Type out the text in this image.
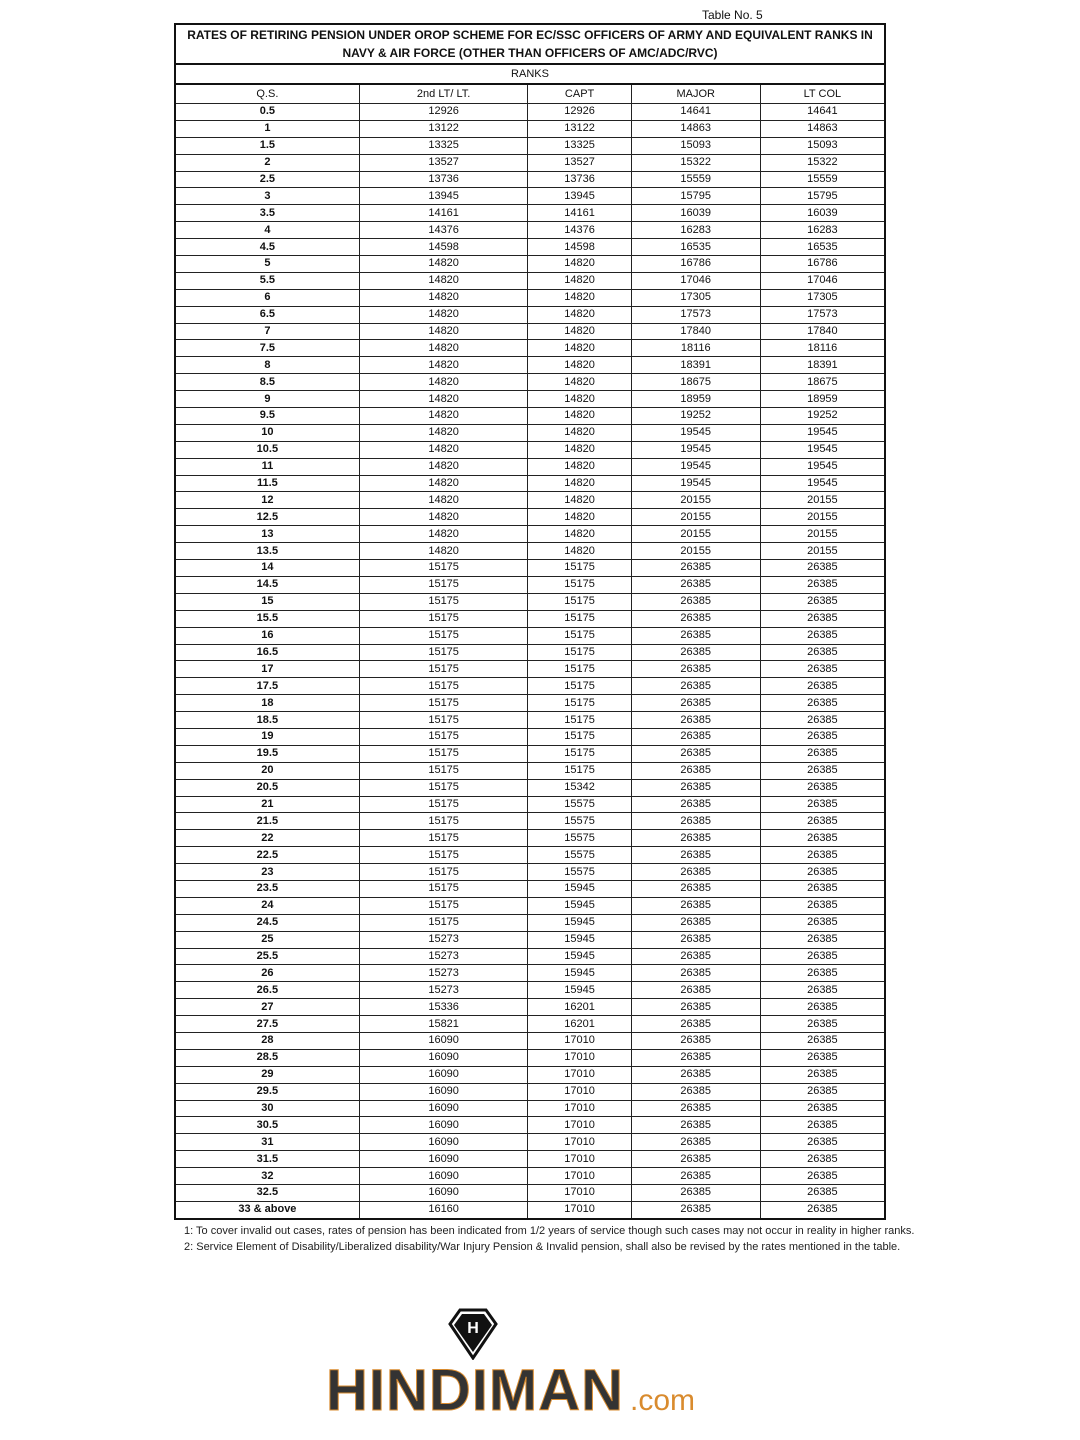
Table No. 5
RATES OF RETIRING PENSION UNDER OROP SCHEME FOR EC/SSC OFFICERS OF ARMY AND EQUIVALENT RANKS IN NAVY & AIR FORCE (OTHER THAN OFFICERS OF AMC/ADC/RVC)				
RANKS				
Q.S.	2nd LT/ LT.	CAPT	MAJOR	LT COL
0.5	12926	12926	14641	14641
1	13122	13122	14863	14863
1.5	13325	13325	15093	15093
2	13527	13527	15322	15322
2.5	13736	13736	15559	15559
3	13945	13945	15795	15795
3.5	14161	14161	16039	16039
4	14376	14376	16283	16283
4.5	14598	14598	16535	16535
5	14820	14820	16786	16786
5.5	14820	14820	17046	17046
6	14820	14820	17305	17305
6.5	14820	14820	17573	17573
7	14820	14820	17840	17840
7.5	14820	14820	18116	18116
8	14820	14820	18391	18391
8.5	14820	14820	18675	18675
9	14820	14820	18959	18959
9.5	14820	14820	19252	19252
10	14820	14820	19545	19545
10.5	14820	14820	19545	19545
11	14820	14820	19545	19545
11.5	14820	14820	19545	19545
12	14820	14820	20155	20155
12.5	14820	14820	20155	20155
13	14820	14820	20155	20155
13.5	14820	14820	20155	20155
14	15175	15175	26385	26385
14.5	15175	15175	26385	26385
15	15175	15175	26385	26385
15.5	15175	15175	26385	26385
16	15175	15175	26385	26385
16.5	15175	15175	26385	26385
17	15175	15175	26385	26385
17.5	15175	15175	26385	26385
18	15175	15175	26385	26385
18.5	15175	15175	26385	26385
19	15175	15175	26385	26385
19.5	15175	15175	26385	26385
20	15175	15175	26385	26385
20.5	15175	15342	26385	26385
21	15175	15575	26385	26385
21.5	15175	15575	26385	26385
22	15175	15575	26385	26385
22.5	15175	15575	26385	26385
23	15175	15575	26385	26385
23.5	15175	15945	26385	26385
24	15175	15945	26385	26385
24.5	15175	15945	26385	26385
25	15273	15945	26385	26385
25.5	15273	15945	26385	26385
26	15273	15945	26385	26385
26.5	15273	15945	26385	26385
27	15336	16201	26385	26385
27.5	15821	16201	26385	26385
28	16090	17010	26385	26385
28.5	16090	17010	26385	26385
29	16090	17010	26385	26385
29.5	16090	17010	26385	26385
30	16090	17010	26385	26385
30.5	16090	17010	26385	26385
31	16090	17010	26385	26385
31.5	16090	17010	26385	26385
32	16090	17010	26385	26385
32.5	16090	17010	26385	26385
33 & above	16160	17010	26385	26385
1: To cover invalid out cases, rates of pension has been indicated from 1/2 years of service though such cases may not occur in reality in higher ranks.
2: Service Element of Disability/Liberalized disability/War Injury Pension & Invalid pension, shall also be revised by the rates mentioned in the table.
H
HINDIMAN .com
